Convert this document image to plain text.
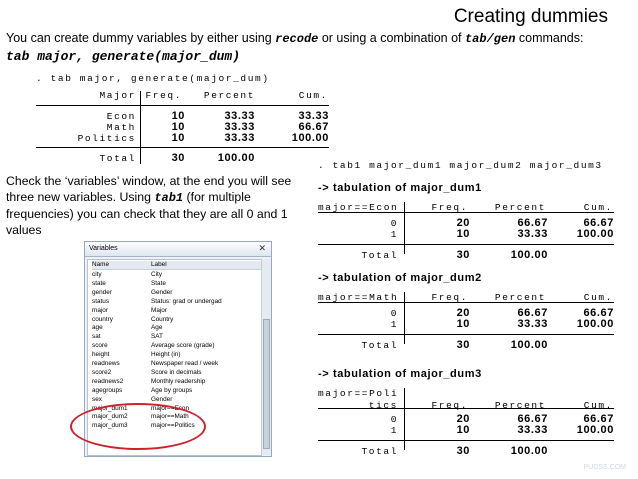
Creating dummies
You can create dummy variables by either using recode or using a combination of tab/gen commands:
tab major, generate(major_dum)
. tab major, generate(major_dum)
Major Freq.	Percent	Cum.
Econ	10	33.33	33.33
Math	10	33.33	66.67
Politics	10	33.33	100.00
Total	30	100.00
Check the ‘variables’ window, at the end you will see three new variables. Using tab1 (for multiple frequencies) you can check that they are all 0 and 1 values
. tab1 major_dum1 major_dum2 major_dum3
-> tabulation of major_dum1
major==Econ	Freq.	Percent	Cum.
0	20	66.67	66.67
1	10	33.33	100.00
Total	30	100.00
-> tabulation of major_dum2
major==Math	Freq.	Percent	Cum.
0	20	66.67	66.67
1	10	33.33	100.00
Total	30	100.00
-> tabulation of major_dum3
major==Poli
tics	Freq.	Percent	Cum.
0	20	66.67	66.67
1	10	33.33	100.00
Total	30	100.00
Variables	✕
Name	Label
city	City
state	State
gender	Gender
status	Status: grad or undergad
major	Major
country	Country
age	Age
sat	SAT
score	Average score (grade)
height	Height (in)
readnews	Newspaper read / week
score2	Score in decimals
readnews2	Monthly readership
agegroups	Age by groups
sex	Gender
major_dum1	major==Econ
major_dum2	major==Math
major_dum3	major==Politics
PUDSS.COM
